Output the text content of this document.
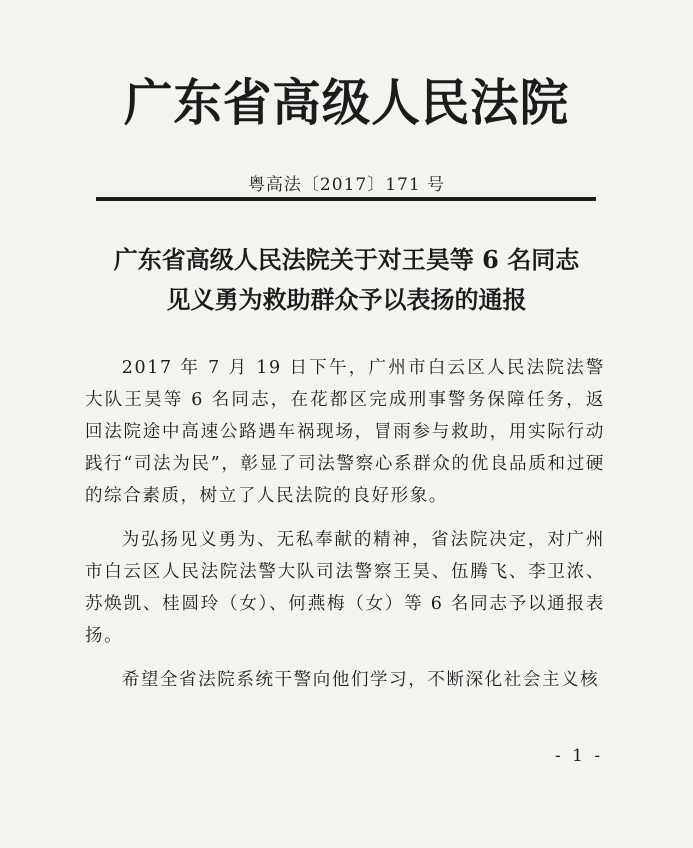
广东省高级人民法院
粤高法〔2017〕171 号
广东省高级人民法院关于对王昊等 6 名同志
见义勇为救助群众予以表扬的通报

2017 年 7 月 19 日下午，广州市白云区人民法院法警大队王昊等 6 名同志，在花都区完成刑事警务保障任务，返回法院途中高速公路遇车祸现场，冒雨参与救助，用实际行动践行“司法为民”，彰显了司法警察心系群众的优良品质和过硬的综合素质，树立了人民法院的良好形象。

为弘扬见义勇为、无私奉献的精神，省法院决定，对广州市白云区人民法院法警大队司法警察王昊、伍腾飞、李卫浓、苏焕凯、桂圆玲（女）、何燕梅（女）等 6 名同志予以通报表扬。

希望全省法院系统干警向他们学习，不断深化社会主义核

- 1 -
